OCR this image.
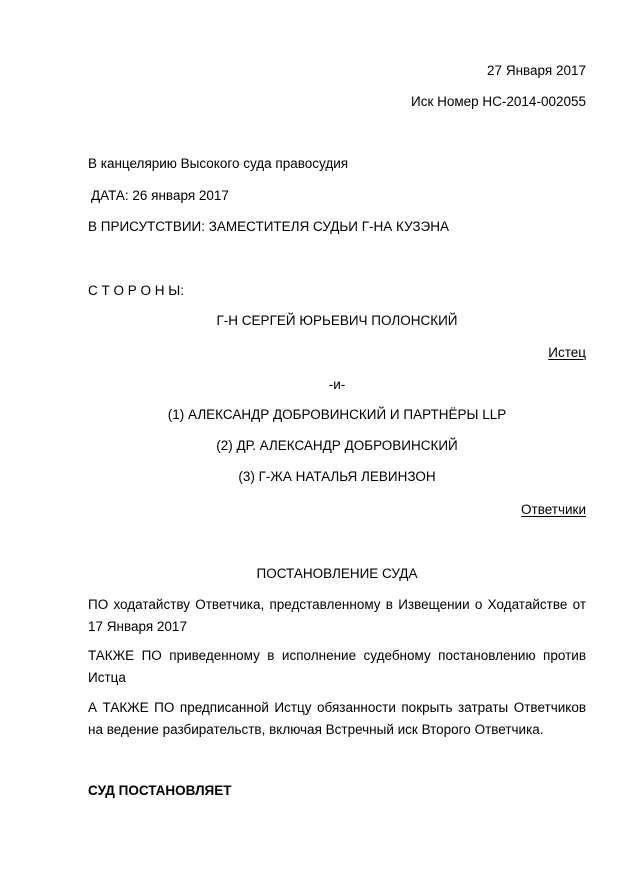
27 Января 2017
Иск Номер HC-2014-002055
В канцелярию Высокого суда правосудия
ДАТА: 26 января 2017
В ПРИСУТСТВИИ: ЗАМЕСТИТЕЛЯ СУДЬИ Г-НА КУЗЭНА
С Т О Р О Н Ы:
Г-Н СЕРГЕЙ ЮРЬЕВИЧ ПОЛОНСКИЙ
Истец
-и-
(1) АЛЕКСАНДР ДОБРОВИНСКИЙ И ПАРТНЁРЫ LLP
(2) ДР. АЛЕКСАНДР ДОБРОВИНСКИЙ
(3) Г-ЖА НАТАЛЬЯ ЛЕВИНЗОН
Ответчики
ПОСТАНОВЛЕНИЕ СУДА
ПО ходатайству Ответчика, представленному в Извещении о Ходатайстве от 17 Января 2017
ТАКЖЕ ПО приведенному в исполнение судебному постановлению против Истца
А ТАКЖЕ ПО предписанной Истцу обязанности покрыть затраты Ответчиков на ведение разбирательств, включая Встречный иск Второго Ответчика.
СУД ПОСТАНОВЛЯЕТ
